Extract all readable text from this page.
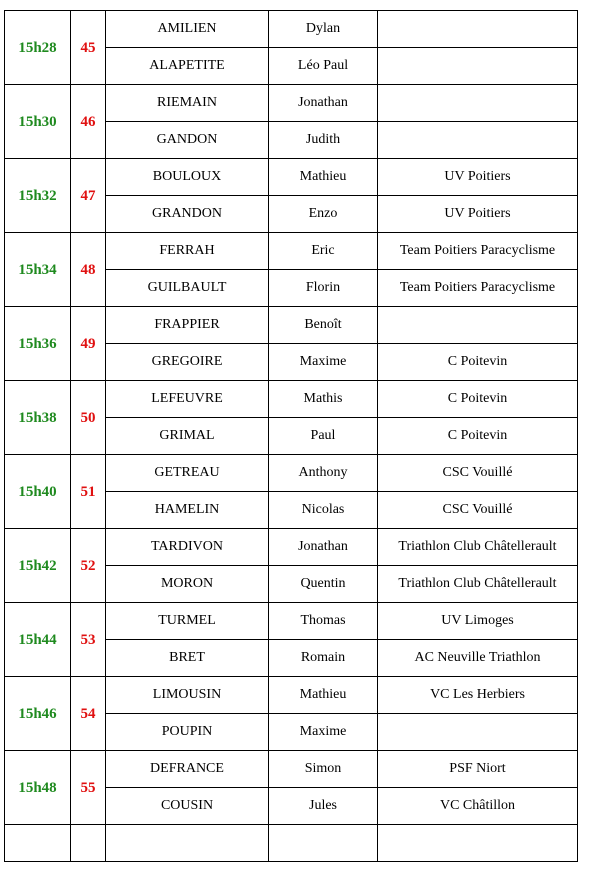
15h28	45	AMILIEN	Dylan	
		ALAPETITE	Léo Paul	
15h30	46	RIEMAIN	Jonathan	
		GANDON	Judith	
15h32	47	BOULOUX	Mathieu	UV Poitiers
		GRANDON	Enzo	UV Poitiers
15h34	48	FERRAH	Eric	Team Poitiers Paracyclisme
		GUILBAULT	Florin	Team Poitiers Paracyclisme
15h36	49	FRAPPIER	Benoît	
		GREGOIRE	Maxime	C Poitevin
15h38	50	LEFEUVRE	Mathis	C Poitevin
		GRIMAL	Paul	C Poitevin
15h40	51	GETREAU	Anthony	CSC Vouillé
		HAMELIN	Nicolas	CSC Vouillé
15h42	52	TARDIVON	Jonathan	Triathlon Club Châtellerault
		MORON	Quentin	Triathlon Club Châtellerault
15h44	53	TURMEL	Thomas	UV Limoges
		BRET	Romain	AC Neuville Triathlon
15h46	54	LIMOUSIN	Mathieu	VC Les Herbiers
		POUPIN	Maxime	
15h48	55	DEFRANCE	Simon	PSF Niort
		COUSIN	Jules	VC Châtillon
